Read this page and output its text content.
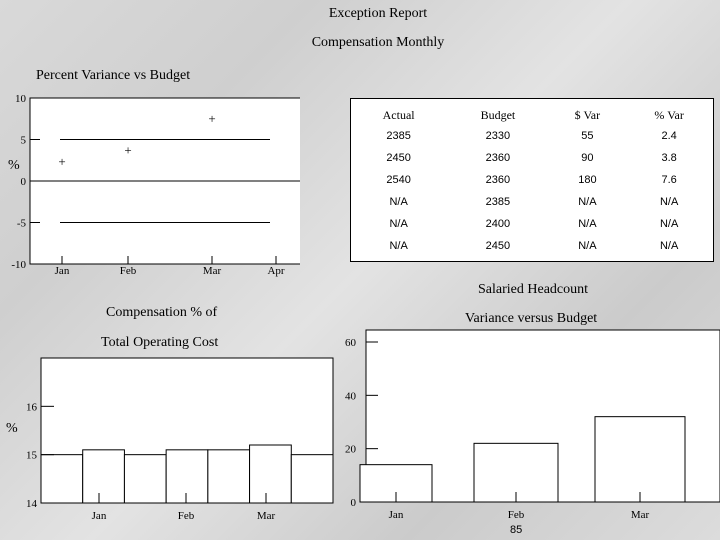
Exception Report
Compensation Monthly
Percent Variance vs Budget
10
5
0
-5
-10
+
+
+
Jan	Feb	Mar	Apr
%
Actual	Budget	$ Var	% Var
2385	2330	55	2.4
2450	2360	90	3.8
2540	2360	180	7.6
N/A	2385	N/A	N/A
N/A	2400	N/A	N/A
N/A	2450	N/A	N/A
Compensation % of
Total Operating Cost
16
15
14
Jan	Feb	Mar
%
Salaried Headcount
Variance versus Budget
60
40
20
0
Jan	Feb	Mar
85
